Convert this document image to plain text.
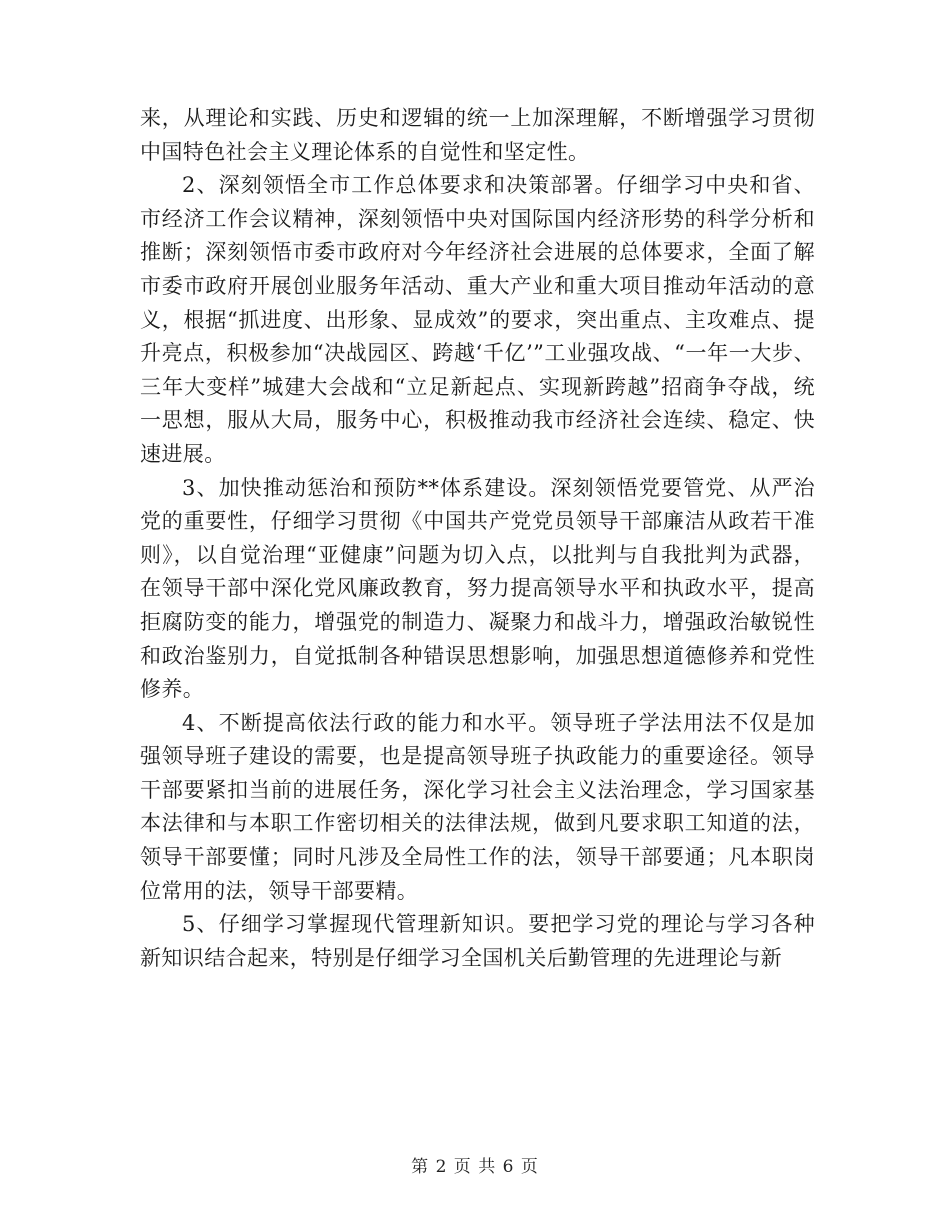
来，从理论和实践、历史和逻辑的统一上加深理解，不断增强学习贯彻中国特色社会主义理论体系的自觉性和坚定性。

2、深刻领悟全市工作总体要求和决策部署。仔细学习中央和省、市经济工作会议精神，深刻领悟中央对国际国内经济形势的科学分析和推断；深刻领悟市委市政府对今年经济社会进展的总体要求，全面了解市委市政府开展创业服务年活动、重大产业和重大项目推动年活动的意义，根据“抓进度、出形象、显成效”的要求，突出重点、主攻难点、提升亮点，积极参加“决战园区、跨越‘千亿’”工业强攻战、“一年一大步、三年大变样”城建大会战和“立足新起点、实现新跨越”招商争夺战，统一思想，服从大局，服务中心，积极推动我市经济社会连续、稳定、快速进展。

3、加快推动惩治和预防**体系建设。深刻领悟党要管党、从严治党的重要性，仔细学习贯彻《中国共产党党员领导干部廉洁从政若干准则》，以自觉治理“亚健康”问题为切入点，以批判与自我批判为武器，在领导干部中深化党风廉政教育，努力提高领导水平和执政水平，提高拒腐防变的能力，增强党的制造力、凝聚力和战斗力，增强政治敏锐性和政治鉴别力，自觉抵制各种错误思想影响，加强思想道德修养和党性修养。

4、不断提高依法行政的能力和水平。领导班子学法用法不仅是加强领导班子建设的需要，也是提高领导班子执政能力的重要途径。领导干部要紧扣当前的进展任务，深化学习社会主义法治理念，学习国家基本法律和与本职工作密切相关的法律法规，做到凡要求职工知道的法，领导干部要懂；同时凡涉及全局性工作的法，领导干部要通；凡本职岗位常用的法，领导干部要精。

5、仔细学习掌握现代管理新知识。要把学习党的理论与学习各种新知识结合起来，特别是仔细学习全国机关后勤管理的先进理论与新

第 2 页 共 6 页
